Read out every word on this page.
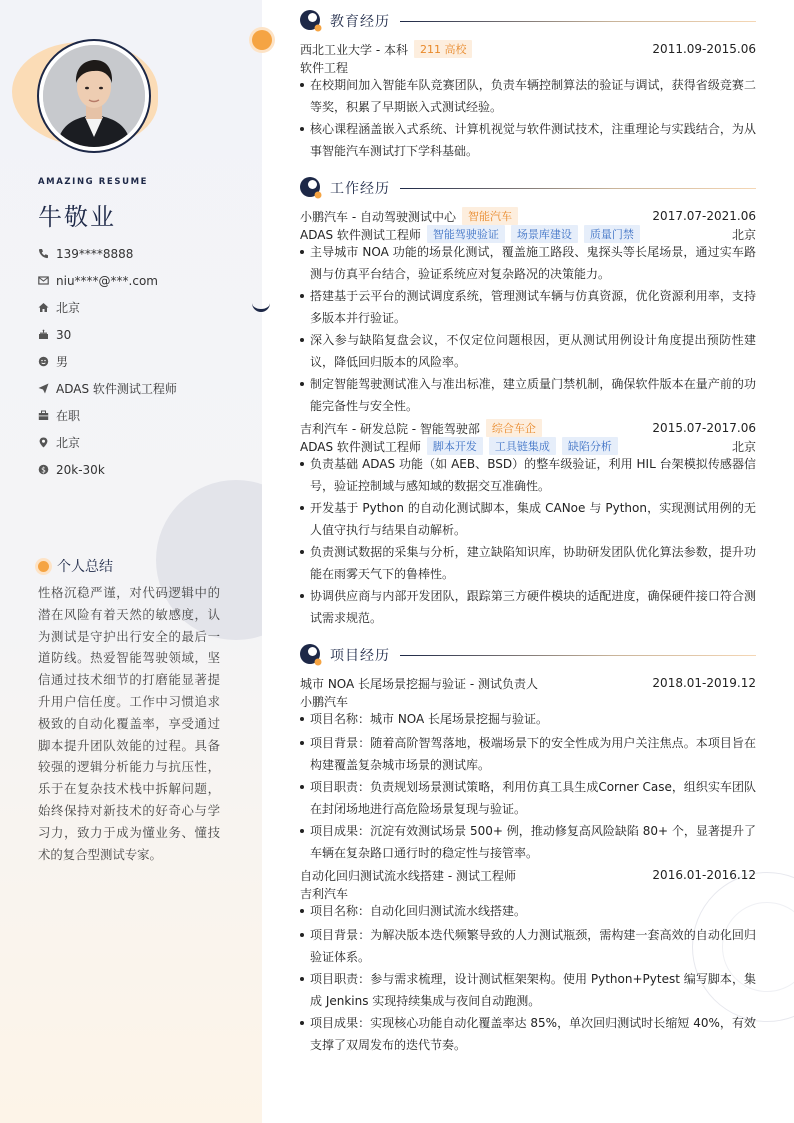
AMAZING RESUME
牛敬业
139****8888
niu****@***.com
北京
30
男
ADAS 软件测试工程师
在职
北京
$ 20k-30k
个人总结
性格沉稳严谨，对代码逻辑中的潜在风险有着天然的敏感度，认为测试是守护出行安全的最后一道防线。热爱智能驾驶领域，坚信通过技术细节的打磨能显著提升用户信任度。工作中习惯追求极致的自动化覆盖率，享受通过脚本提升团队效能的过程。具备较强的逻辑分析能力与抗压性，乐于在复杂技术栈中拆解问题，始终保持对新技术的好奇心与学习力，致力于成为懂业务、懂技术的复合型测试专家。
教育经历
西北工业大学 - 本科	211 高校	2011.09-2015.06
软件工程
在校期间加入智能车队竞赛团队，负责车辆控制算法的验证与调试，获得省级竞赛二等奖，积累了早期嵌入式测试经验。
核心课程涵盖嵌入式系统、计算机视觉与软件测试技术，注重理论与实践结合，为从事智能汽车测试打下学科基础。
工作经历
小鹏汽车 - 自动驾驶测试中心	智能汽车	2017.07-2021.06
ADAS 软件测试工程师	智能驾驶验证	场景库建设	质量门禁	北京
主导城市 NOA 功能的场景化测试，覆盖施工路段、鬼探头等长尾场景，通过实车路测与仿真平台结合，验证系统应对复杂路况的决策能力。
搭建基于云平台的测试调度系统，管理测试车辆与仿真资源，优化资源利用率，支持多版本并行验证。
深入参与缺陷复盘会议，不仅定位问题根因，更从测试用例设计角度提出预防性建议，降低回归版本的风险率。
制定智能驾驶测试准入与准出标准，建立质量门禁机制，确保软件版本在量产前的功能完备性与安全性。
吉利汽车 - 研发总院 - 智能驾驶部	综合车企	2015.07-2017.06
ADAS 软件测试工程师	脚本开发	工具链集成	缺陷分析	北京
负责基础 ADAS 功能（如 AEB、BSD）的整车级验证，利用 HIL 台架模拟传感器信号，验证控制域与感知域的数据交互准确性。
开发基于 Python 的自动化测试脚本，集成 CANoe 与 Python，实现测试用例的无人值守执行与结果自动解析。
负责测试数据的采集与分析，建立缺陷知识库，协助研发团队优化算法参数，提升功能在雨雾天气下的鲁棒性。
协调供应商与内部开发团队，跟踪第三方硬件模块的适配进度，确保硬件接口符合测试需求规范。
项目经历
城市 NOA 长尾场景挖掘与验证 - 测试负责人	2018.01-2019.12
小鹏汽车
项目名称：城市 NOA 长尾场景挖掘与验证。
项目背景：随着高阶智驾落地，极端场景下的安全性成为用户关注焦点。本项目旨在构建覆盖复杂城市场景的测试库。
项目职责：负责规划场景测试策略，利用仿真工具生成Corner Case，组织实车团队在封闭场地进行高危险场景复现与验证。
项目成果：沉淀有效测试场景 500+ 例，推动修复高风险缺陷 80+ 个，显著提升了车辆在复杂路口通行时的稳定性与接管率。
自动化回归测试流水线搭建 - 测试工程师	2016.01-2016.12
吉利汽车
项目名称：自动化回归测试流水线搭建。
项目背景：为解决版本迭代频繁导致的人力测试瓶颈，需构建一套高效的自动化回归验证体系。
项目职责：参与需求梳理，设计测试框架架构。使用 Python+Pytest 编写脚本，集成 Jenkins 实现持续集成与夜间自动跑测。
项目成果：实现核心功能自动化覆盖率达 85%，单次回归测试时长缩短 40%，有效支撑了双周发布的迭代节奏。
